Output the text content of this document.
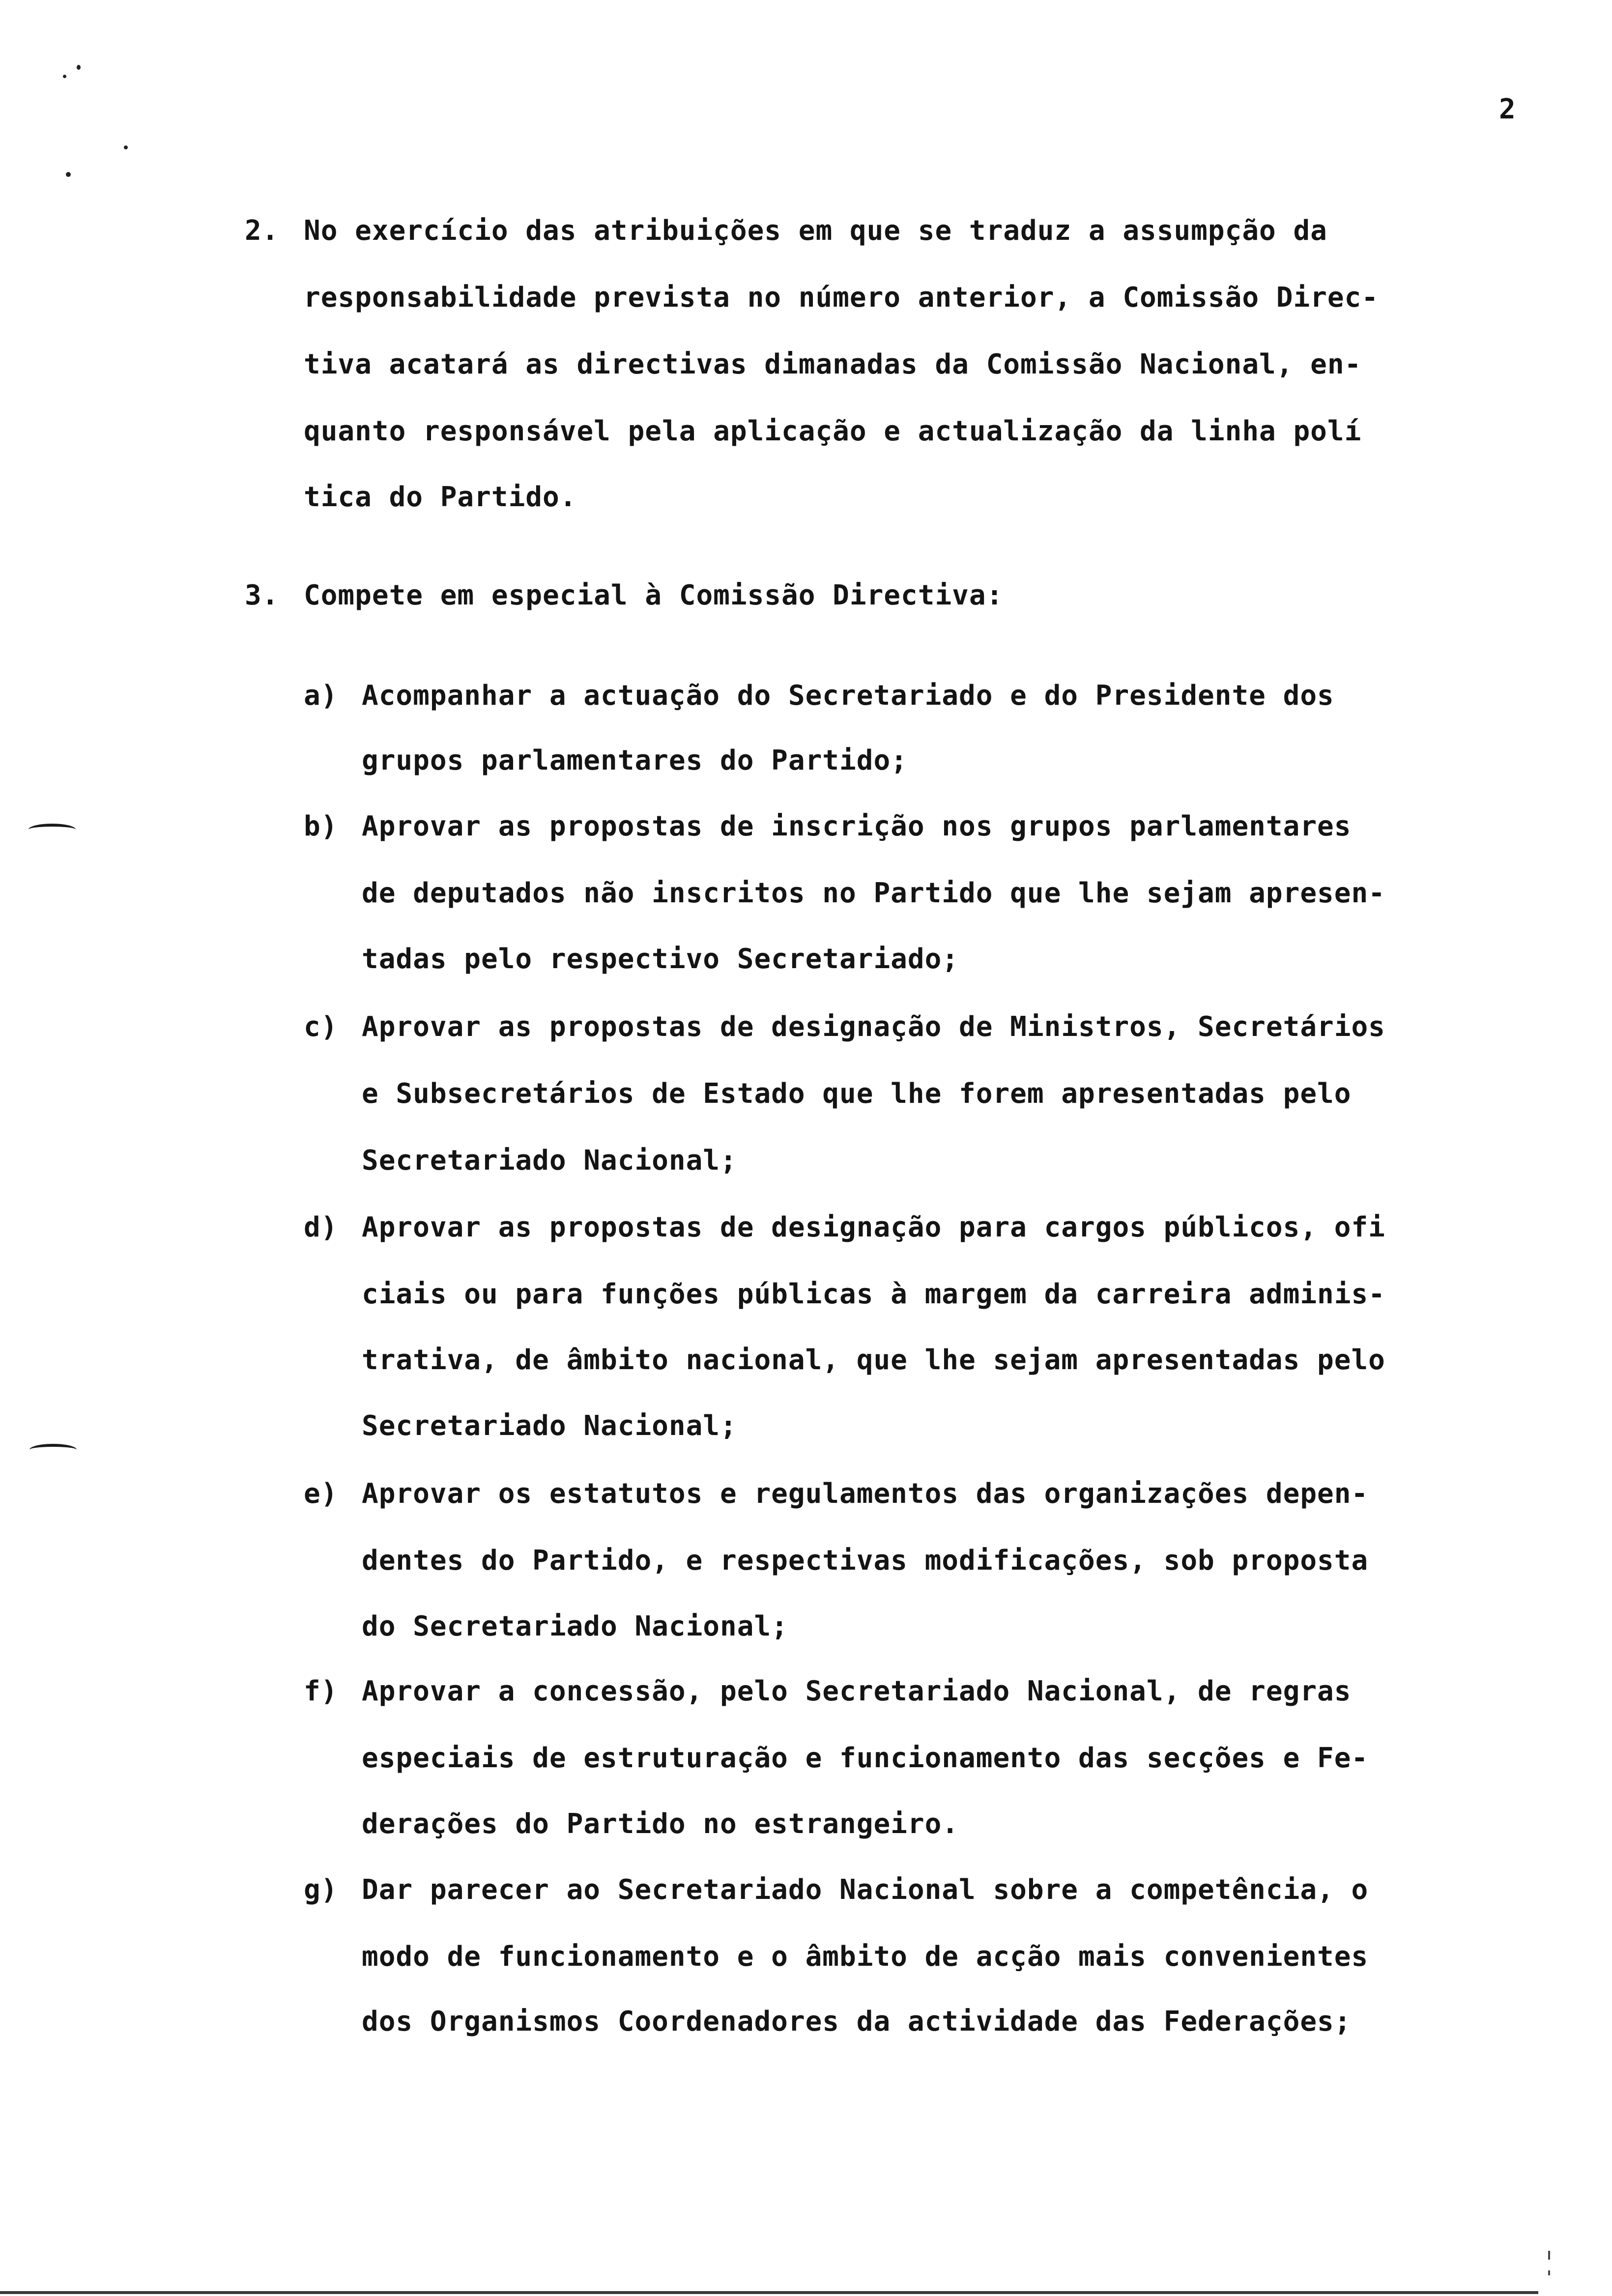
2
2. No exercício das atribuições em que se traduz a assumpção da
responsabilidade prevista no número anterior, a Comissão Direc-
tiva acatará as directivas dimanadas da Comissão Nacional, en-
quanto responsável pela aplicação e actualização da linha polí
tica do Partido.
3. Compete em especial à Comissão Directiva:
a) Acompanhar a actuação do Secretariado e do Presidente dos
grupos parlamentares do Partido;
b) Aprovar as propostas de inscrição nos grupos parlamentares
de deputados não inscritos no Partido que lhe sejam apresen-
tadas pelo respectivo Secretariado;
c) Aprovar as propostas de designação de Ministros, Secretários
e Subsecretários de Estado que lhe forem apresentadas pelo
Secretariado Nacional;
d) Aprovar as propostas de designação para cargos públicos, ofi
ciais ou para funções públicas à margem da carreira adminis-
trativa, de âmbito nacional, que lhe sejam apresentadas pelo
Secretariado Nacional;
e) Aprovar os estatutos e regulamentos das organizações depen-
dentes do Partido, e respectivas modificações, sob proposta
do Secretariado Nacional;
f) Aprovar a concessão, pelo Secretariado Nacional, de regras
especiais de estruturação e funcionamento das secções e Fe-
derações do Partido no estrangeiro.
g) Dar parecer ao Secretariado Nacional sobre a competência, o
modo de funcionamento e o âmbito de acção mais convenientes
dos Organismos Coordenadores da actividade das Federações;
